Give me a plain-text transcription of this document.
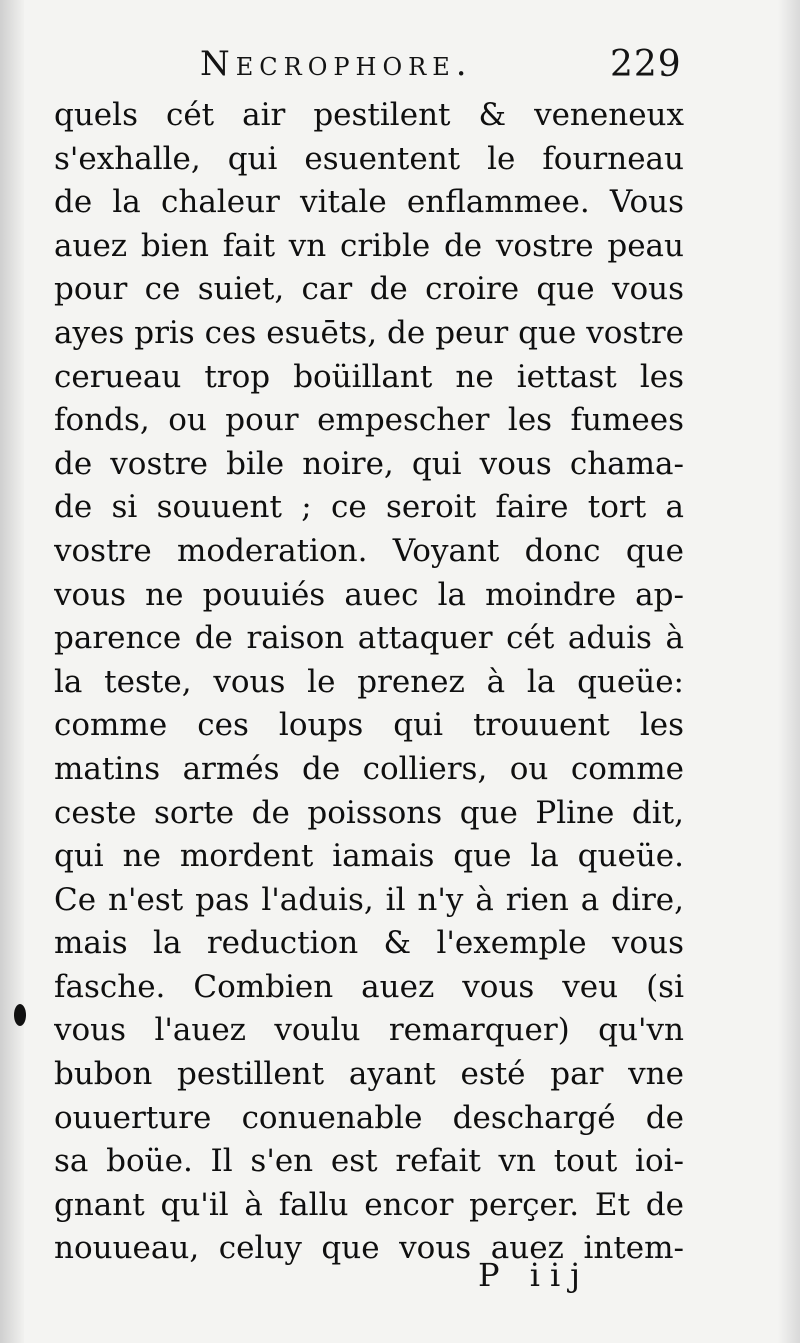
Necrophore.	229
quels cét air pestilent & veneneux
s'exhalle, qui esuentent le fourneau
de la chaleur vitale enflammee. Vous
auez bien fait vn crible de vostre peau
pour ce suiet, car de croire que vous
ayes pris ces esuēts, de peur que vostre
cerueau trop boüillant ne iettast les
fonds, ou pour empescher les fumees
de vostre bile noire, qui vous chama-
de si souuent ; ce seroit faire tort a
vostre moderation. Voyant donc que
vous ne pouuiés auec la moindre ap-
parence de raison attaquer cét aduis à
la teste, vous le prenez à la queüe:
comme ces loups qui trouuent les
matins armés de colliers, ou comme
ceste sorte de poissons que Pline dit,
qui ne mordent iamais que la queüe.
Ce n'est pas l'aduis, il n'y à rien a dire,
mais la reduction & l'exemple vous
fasche. Combien auez vous veu (si
vous l'auez voulu remarquer) qu'vn
bubon pestillent ayant esté par vne
ouuerture conuenable deschargé de
sa boüe. Il s'en est refait vn tout ioi-
gnant qu'il à fallu encor perçer. Et de
nouueau, celuy que vous auez intem-
P iij
